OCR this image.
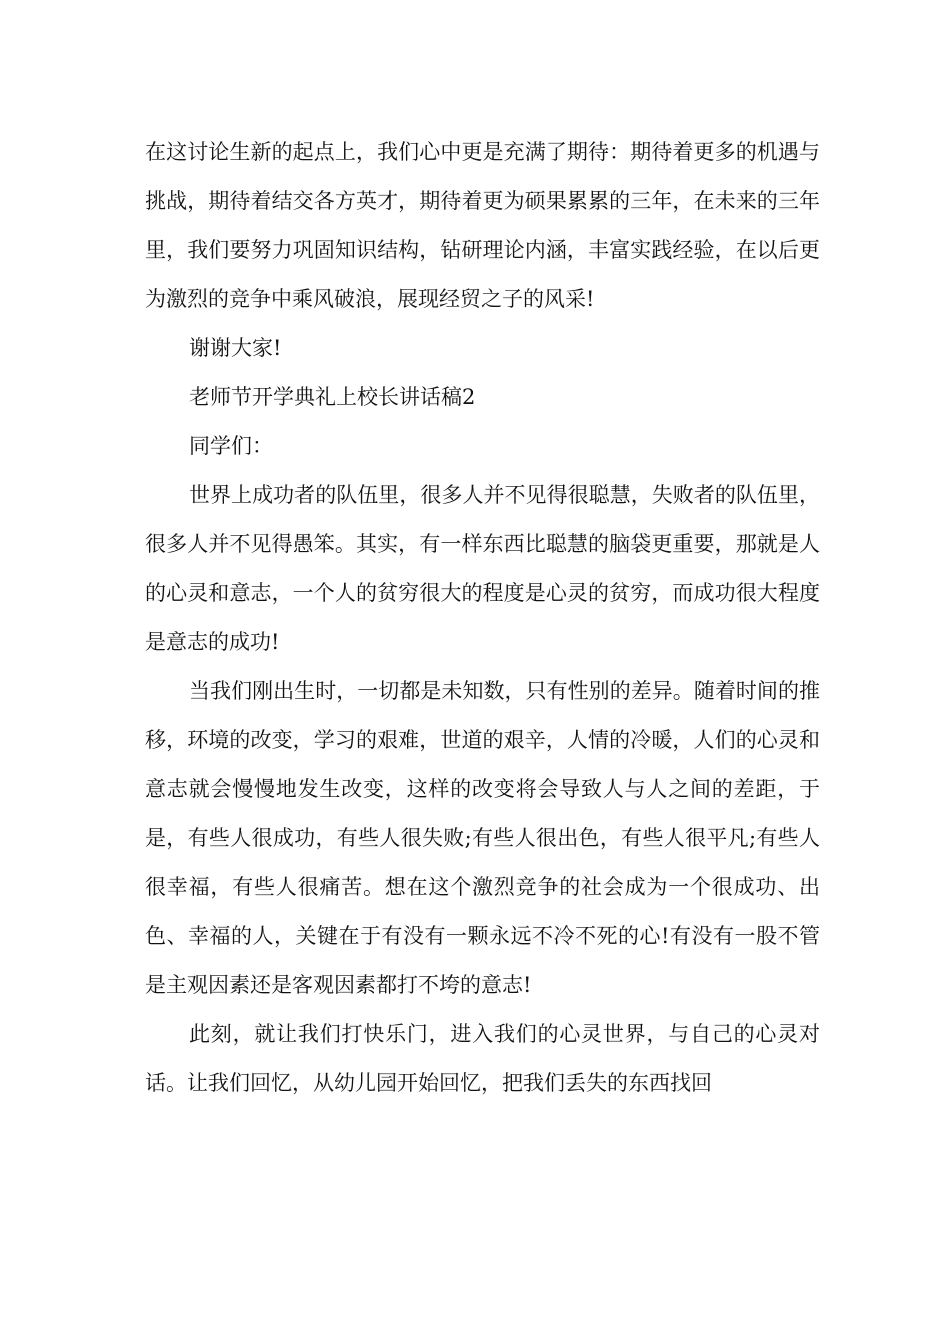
在这讨论生新的起点上，我们心中更是充满了期待：期待着更多的机遇与挑战，期待着结交各方英才，期待着更为硕果累累的三年，在未来的三年里，我们要努力巩固知识结构，钻研理论内涵，丰富实践经验，在以后更为激烈的竞争中乘风破浪，展现经贸之子的风采!

谢谢大家!

老师节开学典礼上校长讲话稿2

同学们：

世界上成功者的队伍里，很多人并不见得很聪慧，失败者的队伍里，很多人并不见得愚笨。其实，有一样东西比聪慧的脑袋更重要，那就是人的心灵和意志，一个人的贫穷很大的程度是心灵的贫穷，而成功很大程度是意志的成功!

当我们刚出生时，一切都是未知数，只有性别的差异。随着时间的推移，环境的改变，学习的艰难，世道的艰辛，人情的冷暖，人们的心灵和意志就会慢慢地发生改变，这样的改变将会导致人与人之间的差距，于是，有些人很成功，有些人很失败;有些人很出色，有些人很平凡;有些人很幸福，有些人很痛苦。想在这个激烈竞争的社会成为一个很成功、出色、幸福的人，关键在于有没有一颗永远不冷不死的心!有没有一股不管是主观因素还是客观因素都打不垮的意志!

此刻，就让我们打快乐门，进入我们的心灵世界，与自己的心灵对话。让我们回忆，从幼儿园开始回忆，把我们丢失的东西找回
